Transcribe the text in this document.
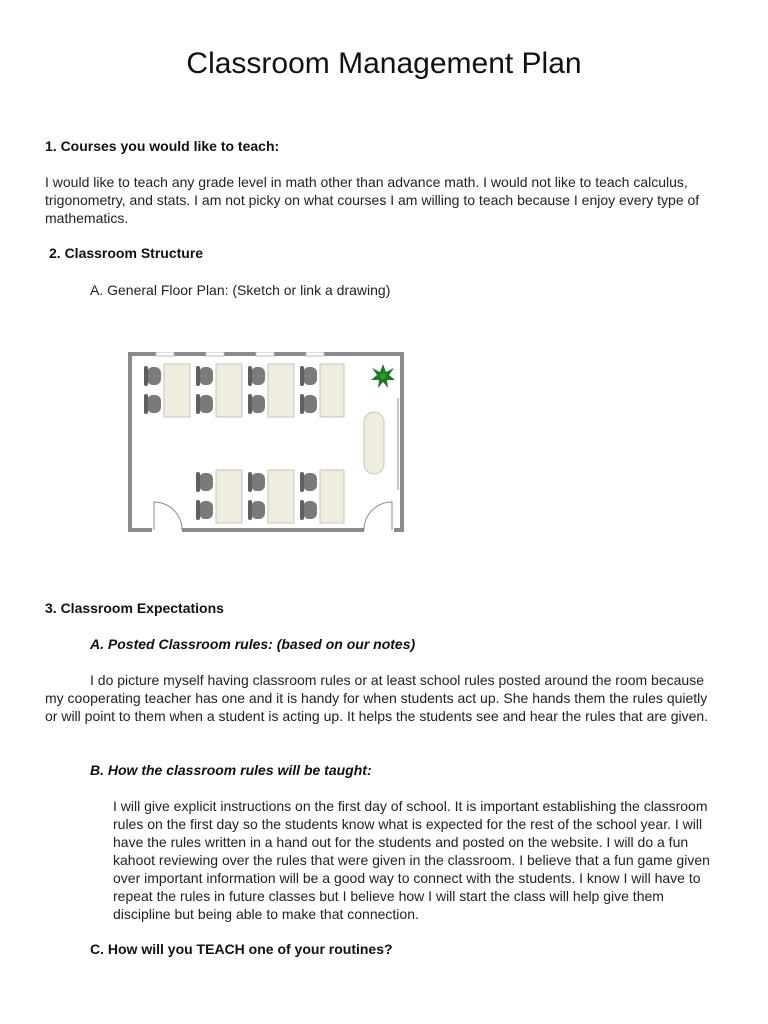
Classroom Management Plan
1. Courses you would like to teach:

I would like to teach any grade level in math other than advance math. I would not like to teach calculus, trigonometry, and stats. I am not picky on what courses I am willing to teach because I enjoy every type of mathematics.

2. Classroom Structure
A. General Floor Plan: (Sketch or link a drawing)
3. Classroom Expectations
A. Posted Classroom rules: (based on our notes)

I do picture myself having classroom rules or at least school rules posted around the room because my cooperating teacher has one and it is handy for when students act up. She hands them the rules quietly or will point to them when a student is acting up. It helps the students see and hear the rules that are given.

B. How the classroom rules will be taught:

I will give explicit instructions on the first day of school. It is important establishing the classroom rules on the first day so the students know what is expected for the rest of the school year. I will have the rules written in a hand out for the students and posted on the website. I will do a fun kahoot reviewing over the rules that were given in the classroom. I believe that a fun game given over important information will be a good way to connect with the students. I know I will have to repeat the rules in future classes but I believe how I will start the class will help give them discipline but being able to make that connection.

C. How will you TEACH one of your routines?
